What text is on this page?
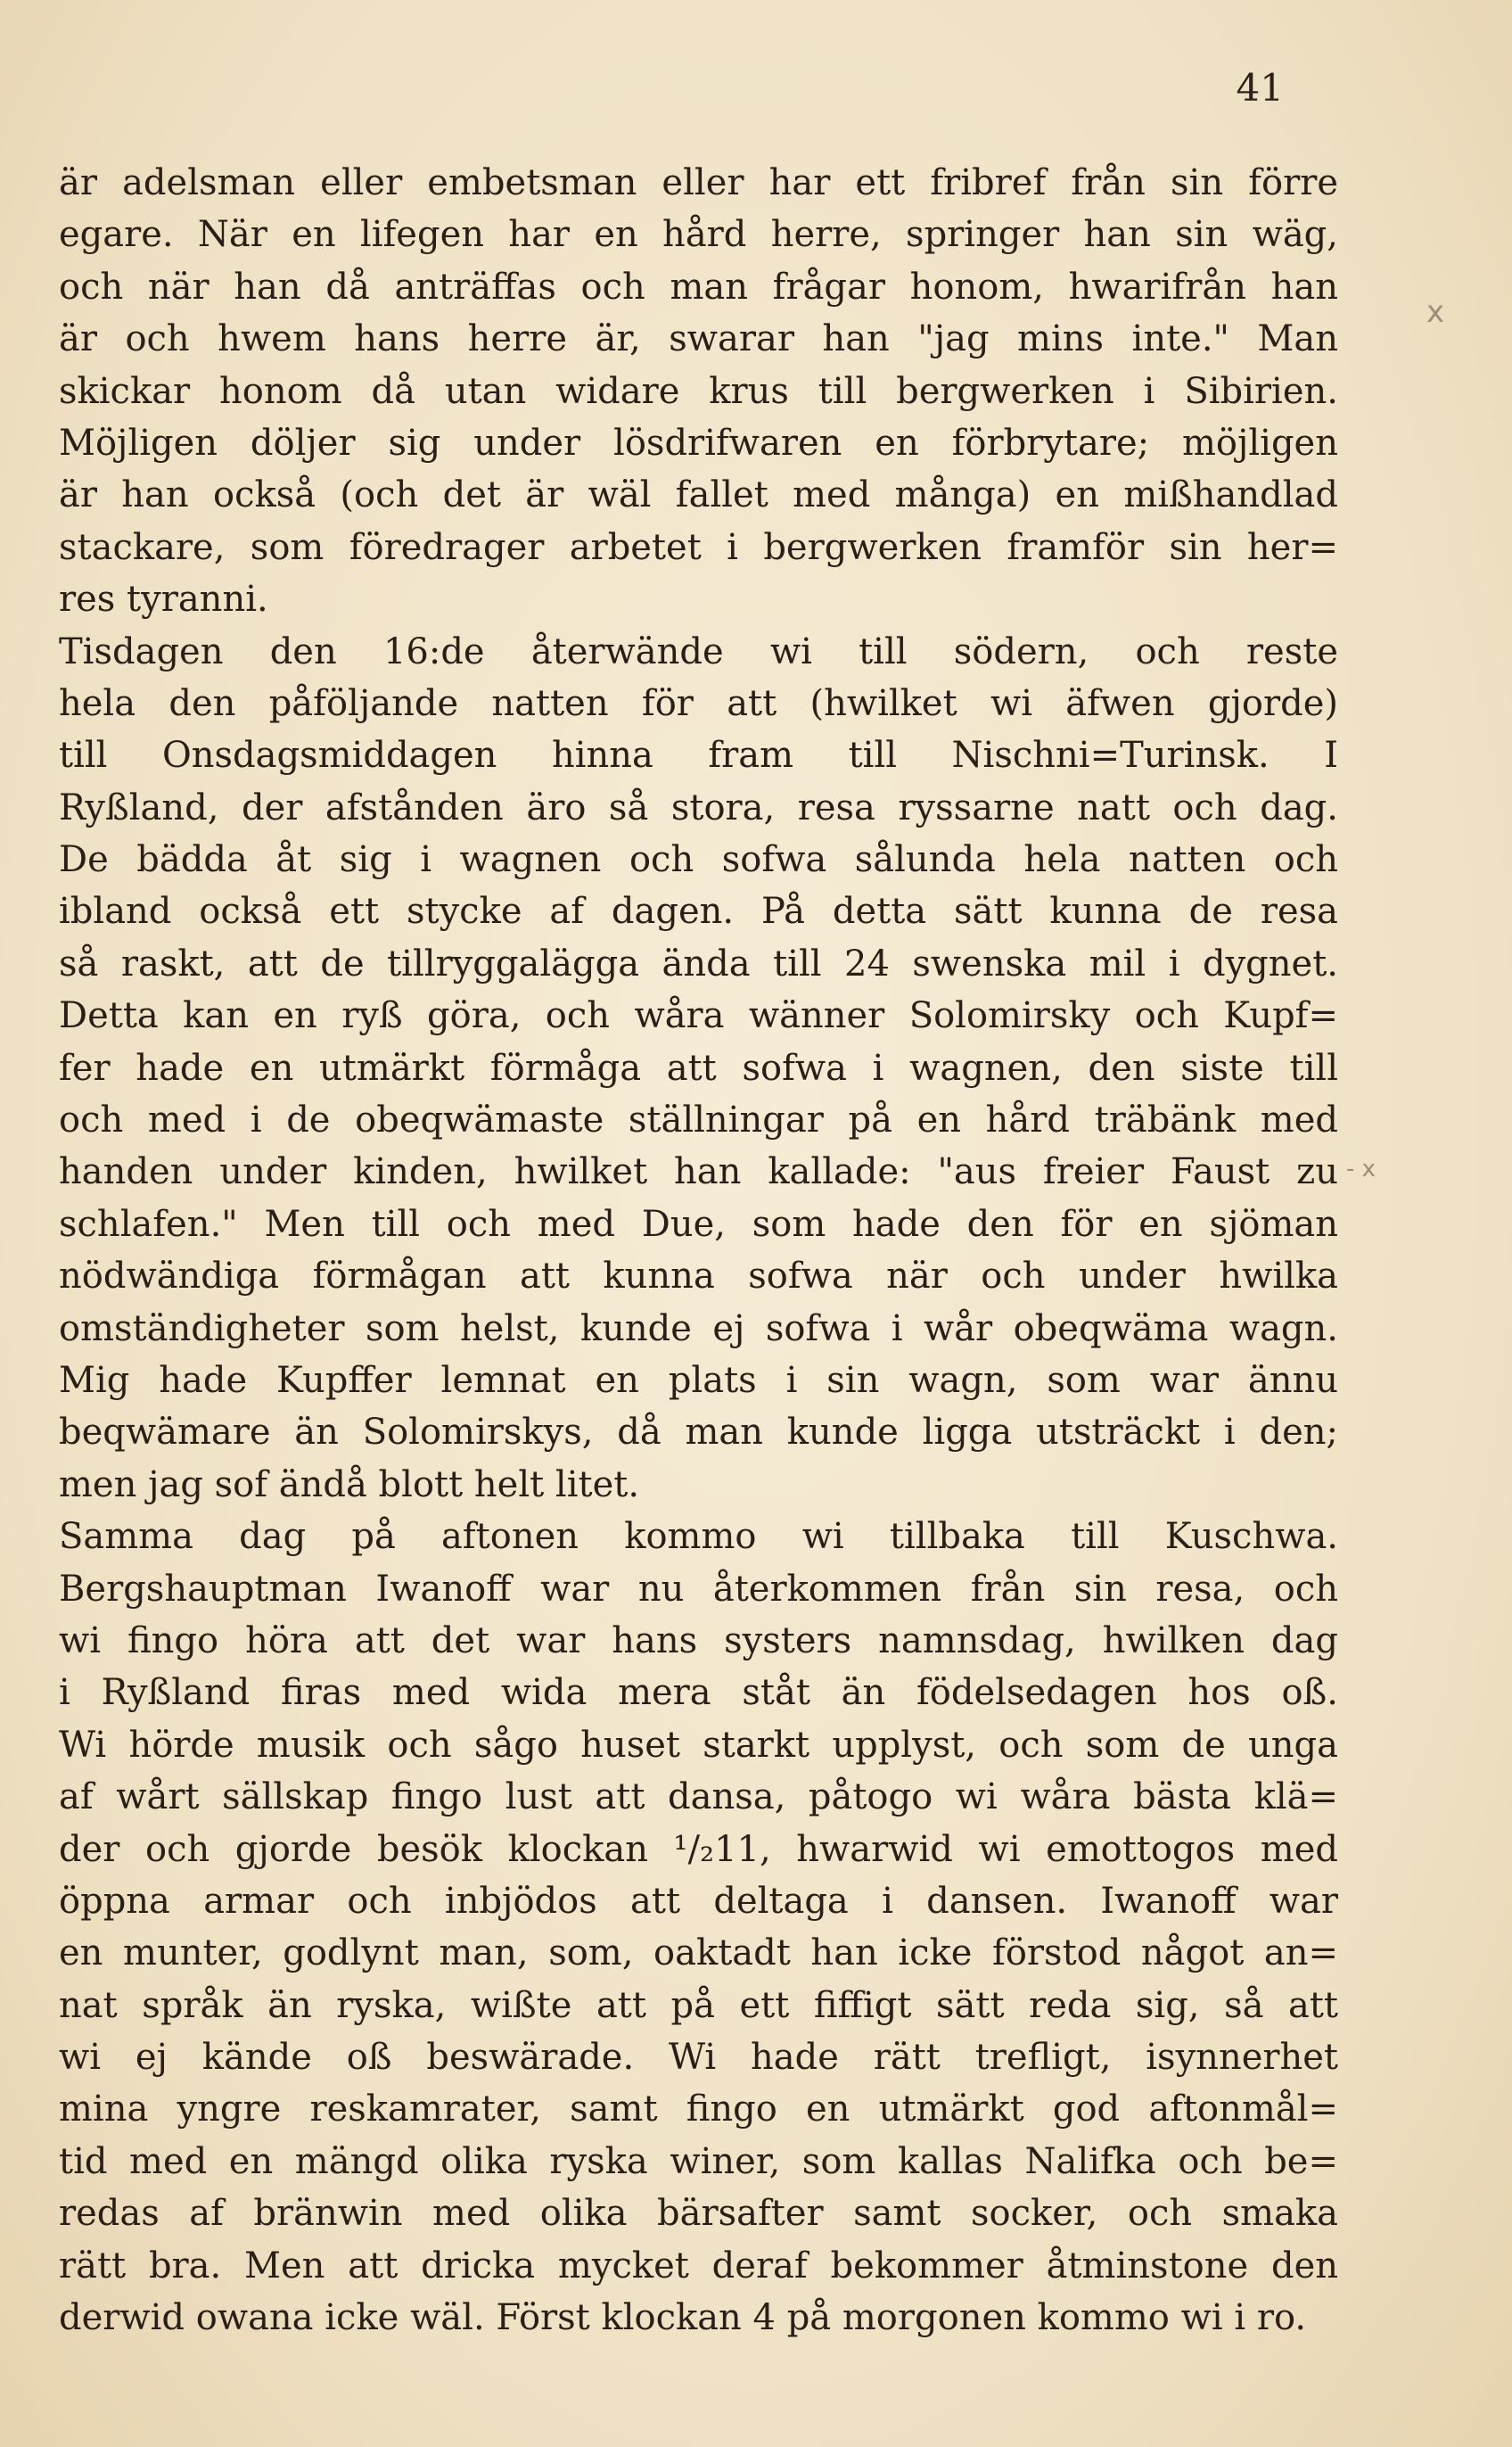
41
x
- x
är adelsman eller embetsman eller har ett fribref från sin förre
egare. När en lifegen har en hård herre, springer han sin wäg,
och när han då anträffas och man frågar honom, hwarifrån han
är och hwem hans herre är, swarar han "jag mins inte." Man
skickar honom då utan widare krus till bergwerken i Sibirien.
Möjligen döljer sig under lösdrifwaren en förbrytare; möjligen
är han också (och det är wäl fallet med många) en mißhandlad
stackare, som föredrager arbetet i bergwerken framför sin her=
res tyranni.
Tisdagen den 16:de återwände wi till södern, och reste
hela den påföljande natten för att (hwilket wi äfwen gjorde)
till Onsdagsmiddagen hinna fram till Nischni=Turinsk. I
Ryßland, der afstånden äro så stora, resa ryssarne natt och dag.
De bädda åt sig i wagnen och sofwa sålunda hela natten och
ibland också ett stycke af dagen. På detta sätt kunna de resa
så raskt, att de tillryggalägga ända till 24 swenska mil i dygnet.
Detta kan en ryß göra, och wåra wänner Solomirsky och Kupf=
fer hade en utmärkt förmåga att sofwa i wagnen, den siste till
och med i de obeqwämaste ställningar på en hård träbänk med
handen under kinden, hwilket han kallade: "aus freier Faust zu
schlafen." Men till och med Due, som hade den för en sjöman
nödwändiga förmågan att kunna sofwa när och under hwilka
omständigheter som helst, kunde ej sofwa i wår obeqwäma wagn.
Mig hade Kupffer lemnat en plats i sin wagn, som war ännu
beqwämare än Solomirskys, då man kunde ligga utsträckt i den;
men jag sof ändå blott helt litet.
Samma dag på aftonen kommo wi tillbaka till Kuschwa.
Bergshauptman Iwanoff war nu återkommen från sin resa, och
wi fingo höra att det war hans systers namnsdag, hwilken dag
i Ryßland firas med wida mera ståt än födelsedagen hos oß.
Wi hörde musik och sågo huset starkt upplyst, och som de unga
af wårt sällskap fingo lust att dansa, påtogo wi wåra bästa klä=
der och gjorde besök klockan ¹/₂11, hwarwid wi emottogos med
öppna armar och inbjödos att deltaga i dansen. Iwanoff war
en munter, godlynt man, som, oaktadt han icke förstod något an=
nat språk än ryska, wißte att på ett fiffigt sätt reda sig, så att
wi ej kände oß beswärade. Wi hade rätt trefligt, isynnerhet
mina yngre reskamrater, samt fingo en utmärkt god aftonmål=
tid med en mängd olika ryska winer, som kallas Nalifka och be=
redas af bränwin med olika bärsafter samt socker, och smaka
rätt bra. Men att dricka mycket deraf bekommer åtminstone den
derwid owana icke wäl. Först klockan 4 på morgonen kommo wi i ro.
